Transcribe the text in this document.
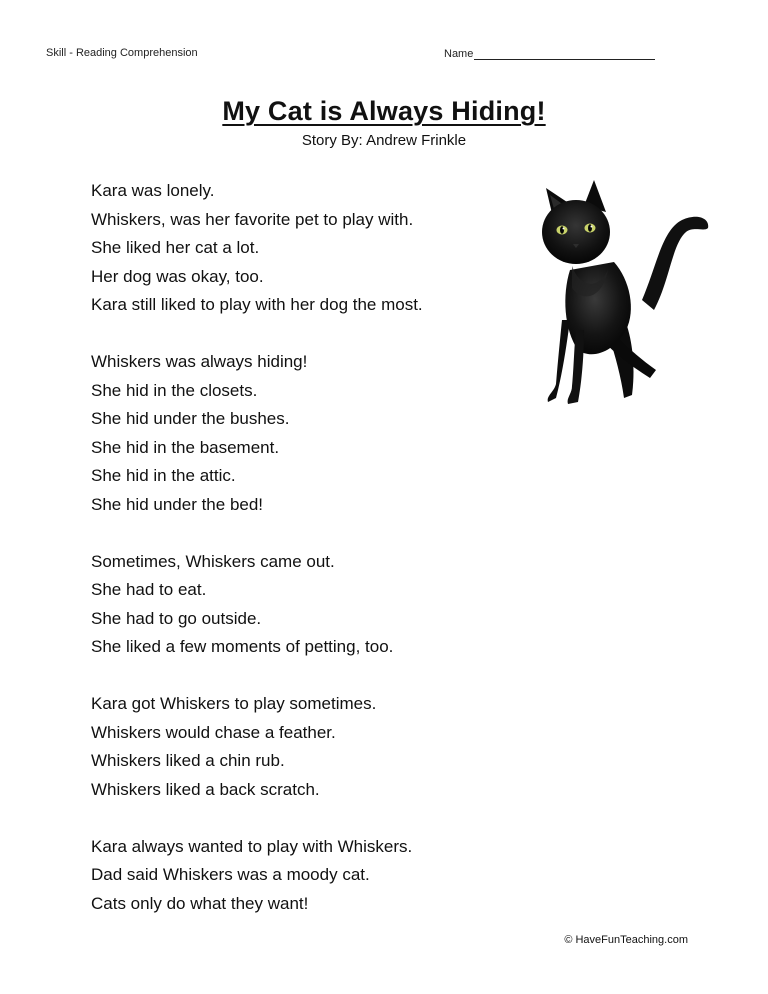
Skill - Reading Comprehension	Name
My Cat is Always Hiding!
Story By: Andrew Frinkle
Kara was lonely.
Whiskers, was her favorite pet to play with.
She liked her cat a lot.
Her dog was okay, too.
Kara still liked to play with her dog the most.
Whiskers was always hiding!
She hid in the closets.
She hid under the bushes.
She hid in the basement.
She hid in the attic.
She hid under the bed!
Sometimes, Whiskers came out.
She had to eat.
She had to go outside.
She liked a few moments of petting, too.
Kara got Whiskers to play sometimes.
Whiskers would chase a feather.
Whiskers liked a chin rub.
Whiskers liked a back scratch.
Kara always wanted to play with Whiskers.
Dad said Whiskers was a moody cat.
Cats only do what they want!
© HaveFunTeaching.com
